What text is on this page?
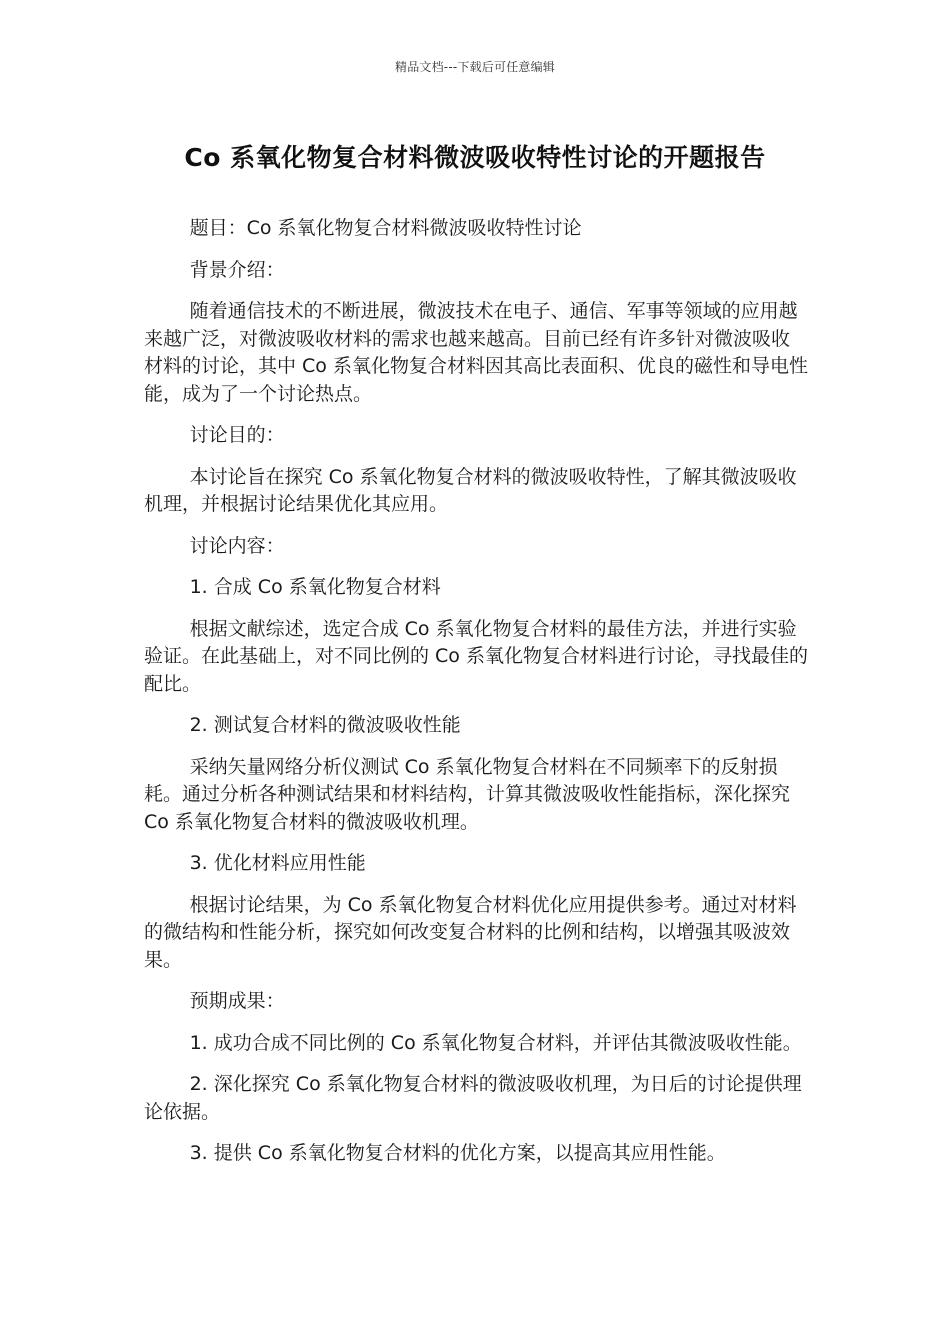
精品文档---下载后可任意编辑
Co 系氧化物复合材料微波吸收特性讨论的开题报告

题目：Co 系氧化物复合材料微波吸收特性讨论

背景介绍：

随着通信技术的不断进展，微波技术在电子、通信、军事等领域的应用越来越广泛，对微波吸收材料的需求也越来越高。目前已经有许多针对微波吸收材料的讨论，其中 Co 系氧化物复合材料因其高比表面积、优良的磁性和导电性能，成为了一个讨论热点。

讨论目的：

本讨论旨在探究 Co 系氧化物复合材料的微波吸收特性，了解其微波吸收机理，并根据讨论结果优化其应用。

讨论内容：

1. 合成 Co 系氧化物复合材料

根据文献综述，选定合成 Co 系氧化物复合材料的最佳方法，并进行实验验证。在此基础上，对不同比例的 Co 系氧化物复合材料进行讨论，寻找最佳的配比。

2. 测试复合材料的微波吸收性能

采纳矢量网络分析仪测试 Co 系氧化物复合材料在不同频率下的反射损耗。通过分析各种测试结果和材料结构，计算其微波吸收性能指标，深化探究 Co 系氧化物复合材料的微波吸收机理。

3. 优化材料应用性能

根据讨论结果，为 Co 系氧化物复合材料优化应用提供参考。通过对材料的微结构和性能分析，探究如何改变复合材料的比例和结构，以增强其吸波效果。

预期成果：

1. 成功合成不同比例的 Co 系氧化物复合材料，并评估其微波吸收性能。

2. 深化探究 Co 系氧化物复合材料的微波吸收机理，为日后的讨论提供理论依据。

3. 提供 Co 系氧化物复合材料的优化方案，以提高其应用性能。
